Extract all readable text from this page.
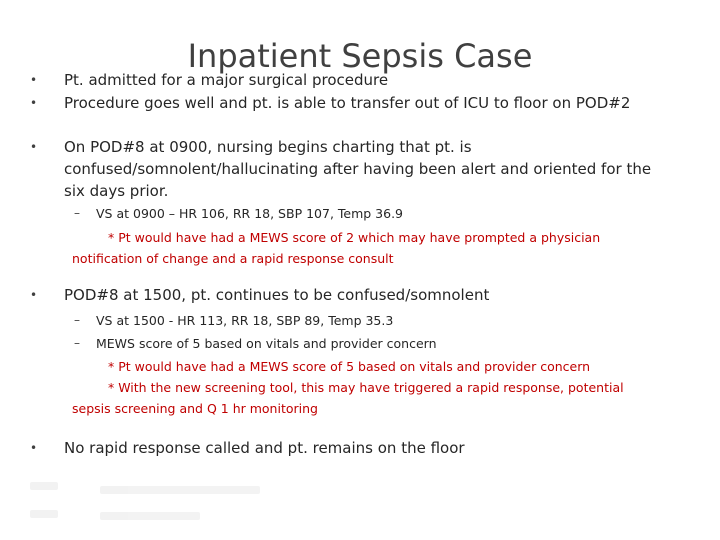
Inpatient Sepsis Case
• Pt. admitted for a major surgical procedure
• Procedure goes well and pt. is able to transfer out of ICU to floor on POD#2
• On POD#8 at 0900, nursing begins charting that pt. is confused/somnolent/hallucinating after having been alert and oriented for the six days prior.
– VS at 0900 – HR 106, RR 18, SBP 107, Temp 36.9
* Pt would have had a MEWS score of 2 which may have prompted a physician
notification of change and a rapid response consult
• POD#8 at 1500, pt. continues to be confused/somnolent
– VS at 1500 - HR 113, RR 18, SBP 89, Temp 35.3
– MEWS score of 5 based on vitals and provider concern
* Pt would have had a MEWS score of 5 based on vitals and provider concern
* With the new screening tool, this may have triggered a rapid response, potential
sepsis screening and Q 1 hr monitoring
• No rapid response called and pt. remains on the floor
